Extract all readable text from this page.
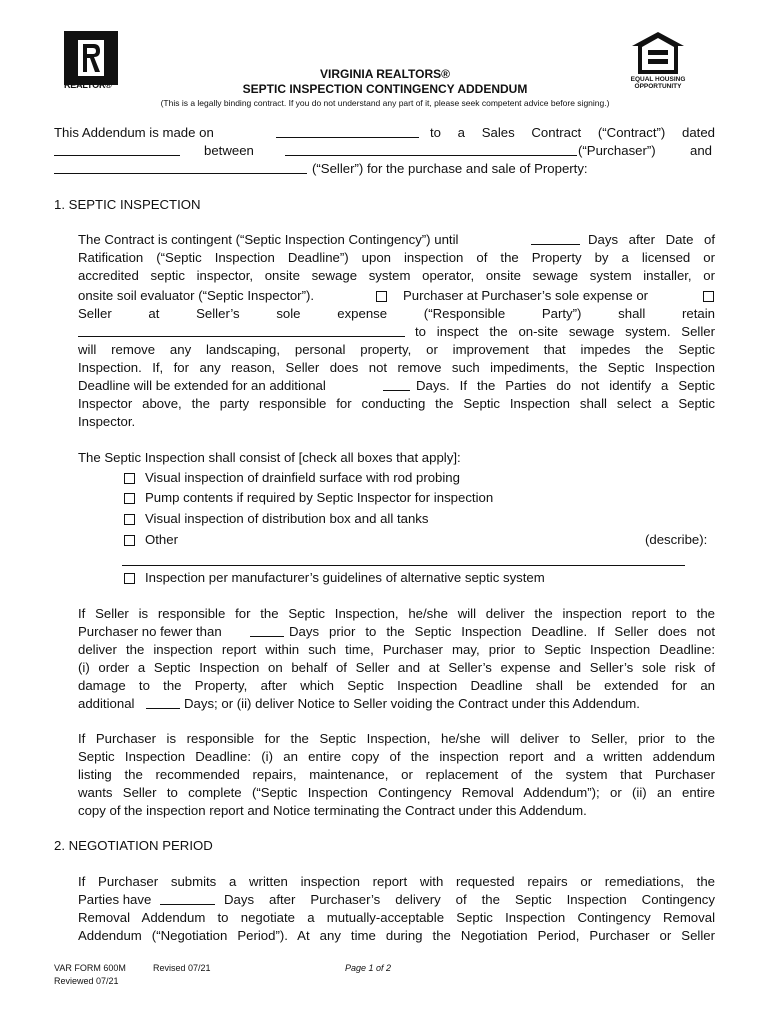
REALTOR®
EQUAL HOUSING OPPORTUNITY
VIRGINIA REALTORS®
SEPTIC INSPECTION CONTINGENCY ADDENDUM
(This is a legally binding contract. If you do not understand any part of it, please seek competent advice before signing.)
This Addendum is made on	to a Sales Contract (“Contract”) dated
between	(“Purchaser”)	and
(“Seller”) for the purchase and sale of Property:
1. SEPTIC INSPECTION
The Contract is contingent (“Septic Inspection Contingency”) until	Days after Date of
Ratification (“Septic Inspection Deadline”) upon inspection of the Property by a licensed or
accredited septic inspector, onsite sewage system operator, onsite sewage system installer, or
onsite soil evaluator (“Septic Inspector”).	Purchaser at Purchaser’s sole expense or
Seller	at	Seller’s	sole	expense	(“Responsible	Party”)	shall	retain
to inspect the on-site sewage system. Seller
will remove any landscaping, personal property, or improvement that impedes the Septic
Inspection. If, for any reason, Seller does not remove such impediments, the Septic Inspection
Deadline will be extended for an additional	Days. If the Parties do not identify a Septic
Inspector above, the party responsible for conducting the Septic Inspection shall select a Septic
Inspector.
The Septic Inspection shall consist of [check all boxes that apply]:
Visual inspection of drainfield surface with rod probing
Pump contents if required by Septic Inspector for inspection
Visual inspection of distribution box and all tanks
Other	(describe):
Inspection per manufacturer’s guidelines of alternative septic system
If Seller is responsible for the Septic Inspection, he/she will deliver the inspection report to the
Purchaser no fewer than	Days prior to the Septic Inspection Deadline. If Seller does not
deliver the inspection report within such time, Purchaser may, prior to Septic Inspection Deadline:
(i) order a Septic Inspection on behalf of Seller and at Seller’s expense and Seller’s sole risk of
damage to the Property, after which Septic Inspection Deadline shall be extended for an
additional	Days; or (ii) deliver Notice to Seller voiding the Contract under this Addendum.
If Purchaser is responsible for the Septic Inspection, he/she will deliver to Seller, prior to the
Septic Inspection Deadline: (i) an entire copy of the inspection report and a written addendum
listing the recommended repairs, maintenance, or replacement of the system that Purchaser
wants Seller to complete (“Septic Inspection Contingency Removal Addendum”); or (ii) an entire
copy of the inspection report and Notice terminating the Contract under this Addendum.
2. NEGOTIATION PERIOD
If Purchaser submits a written inspection report with requested repairs or remediations, the
Parties have	Days after Purchaser’s delivery of the Septic Inspection Contingency
Removal Addendum to negotiate a mutually-acceptable Septic Inspection Contingency Removal
Addendum (“Negotiation Period”). At any time during the Negotiation Period, Purchaser or Seller
VAR FORM 600M	Revised 07/21
Reviewed 07/21
Page 1 of 2
